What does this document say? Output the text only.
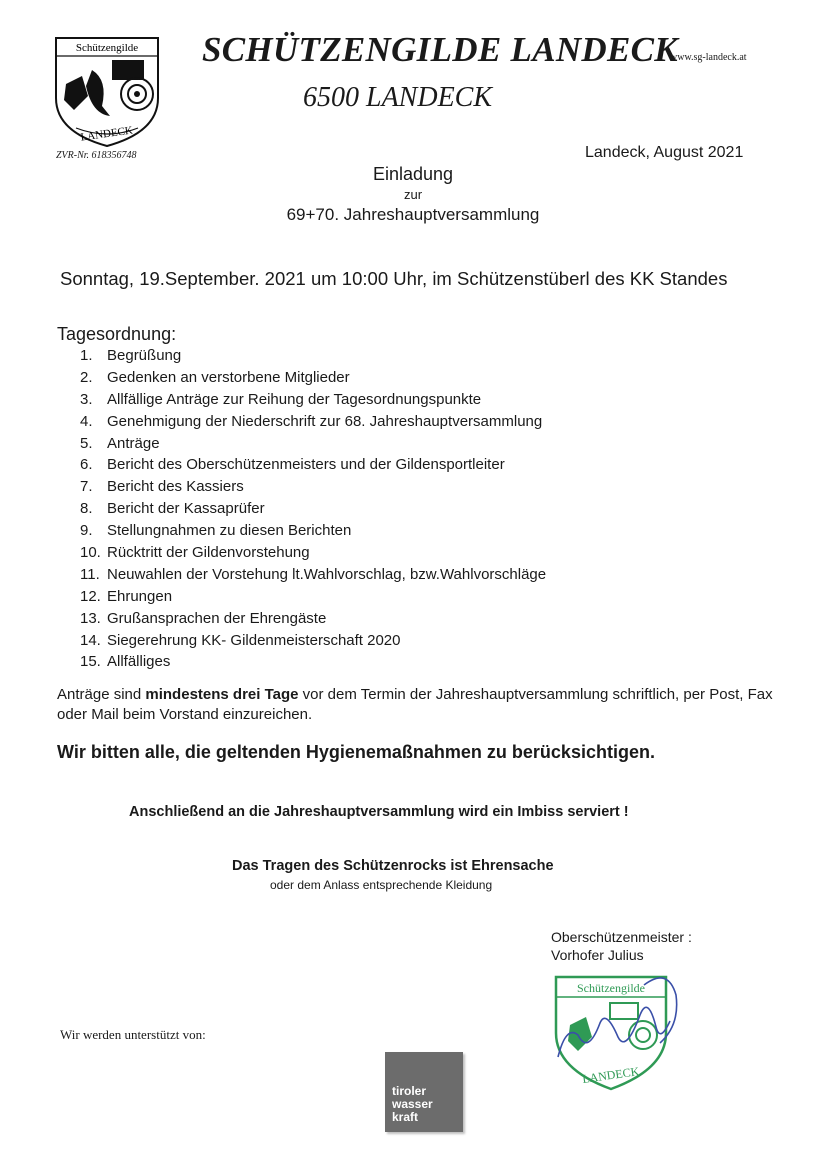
Schützengilde
LANDECK
ZVR-Nr. 618356748
SCHÜTZENGILDE LANDECK
www.sg-landeck.at
6500 LANDECK
Landeck, August 2021
Einladung
zur
69+70. Jahreshauptversammlung
Sonntag, 19.September. 2021 um 10:00 Uhr, im Schützenstüberl des KK Standes
Tagesordnung:
1. Begrüßung
2. Gedenken an verstorbene Mitglieder
3. Allfällige Anträge zur Reihung der Tagesordnungspunkte
4. Genehmigung der Niederschrift zur 68. Jahreshauptversammlung
5. Anträge
6. Bericht des Oberschützenmeisters und der Gildensportleiter
7. Bericht des Kassiers
8. Bericht der Kassaprüfer
9. Stellungnahmen zu diesen Berichten
10. Rücktritt der Gildenvorstehung
11. Neuwahlen der Vorstehung lt.Wahlvorschlag, bzw.Wahlvorschläge
12. Ehrungen
13. Grußansprachen der Ehrengäste
14. Siegerehrung KK- Gildenmeisterschaft 2020
15. Allfälliges
Anträge sind mindestens drei Tage vor dem Termin der Jahreshauptversammlung schriftlich, per Post, Fax oder Mail beim Vorstand einzureichen.
Wir bitten alle, die geltenden Hygienemaßnahmen zu berücksichtigen.
Anschließend an die Jahreshauptversammlung wird ein Imbiss serviert !
Das Tragen des Schützenrocks ist Ehrensache
oder dem Anlass entsprechende Kleidung
Oberschützenmeister :
Vorhofer Julius
Schützengilde
LANDECK
Wir werden unterstützt von:
tiroler
wasser
kraft
